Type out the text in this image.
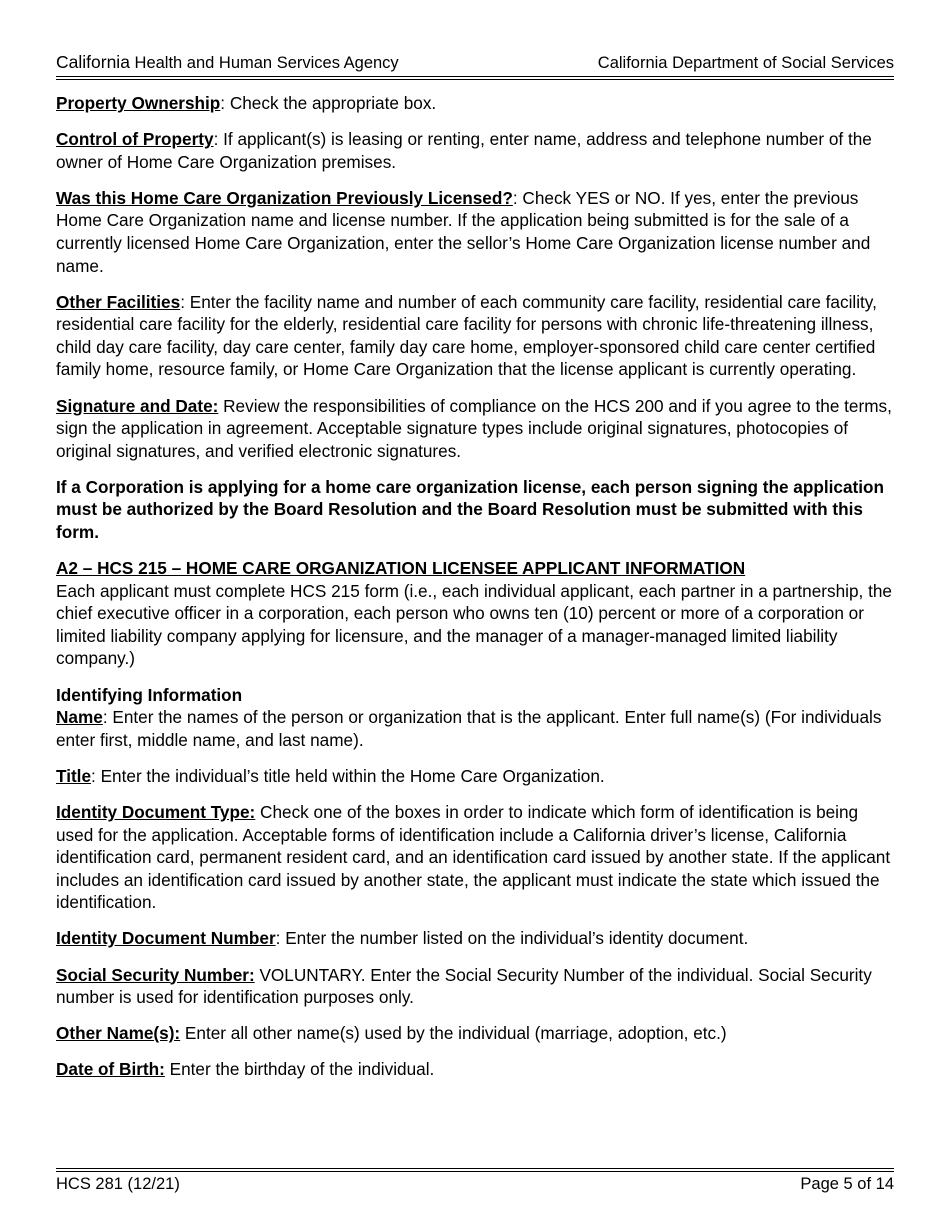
California Health and Human Services Agency	California Department of Social Services

Property Ownership: Check the appropriate box.

Control of Property: If applicant(s) is leasing or renting, enter name, address and telephone number of the owner of Home Care Organization premises.

Was this Home Care Organization Previously Licensed?: Check YES or NO. If yes, enter the previous Home Care Organization name and license number. If the application being submitted is for the sale of a currently licensed Home Care Organization, enter the sellor’s Home Care Organization license number and name.

Other Facilities: Enter the facility name and number of each community care facility, residential care facility, residential care facility for the elderly, residential care facility for persons with chronic life-threatening illness, child day care facility, day care center, family day care home, employer-sponsored child care center certified family home, resource family, or Home Care Organization that the license applicant is currently operating.

Signature and Date: Review the responsibilities of compliance on the HCS 200 and if you agree to the terms, sign the application in agreement. Acceptable signature types include original signatures, photocopies of original signatures, and verified electronic signatures.

If a Corporation is applying for a home care organization license, each person signing the application must be authorized by the Board Resolution and the Board Resolution must be submitted with this form.

A2 – HCS 215 – HOME CARE ORGANIZATION LICENSEE APPLICANT INFORMATION
Each applicant must complete HCS 215 form (i.e., each individual applicant, each partner in a partnership, the chief executive officer in a corporation, each person who owns ten (10) percent or more of a corporation or limited liability company applying for licensure, and the manager of a manager-managed limited liability company.)

Identifying Information
Name: Enter the names of the person or organization that is the applicant. Enter full name(s) (For individuals enter first, middle name, and last name).

Title: Enter the individual’s title held within the Home Care Organization.

Identity Document Type: Check one of the boxes in order to indicate which form of identification is being used for the application. Acceptable forms of identification include a California driver’s license, California identification card, permanent resident card, and an identification card issued by another state. If the applicant includes an identification card issued by another state, the applicant must indicate the state which issued the identification.

Identity Document Number: Enter the number listed on the individual’s identity document.

Social Security Number: VOLUNTARY. Enter the Social Security Number of the individual. Social Security number is used for identification purposes only.

Other Name(s): Enter all other name(s) used by the individual (marriage, adoption, etc.)

Date of Birth: Enter the birthday of the individual.

HCS 281 (12/21)	Page 5 of 14
